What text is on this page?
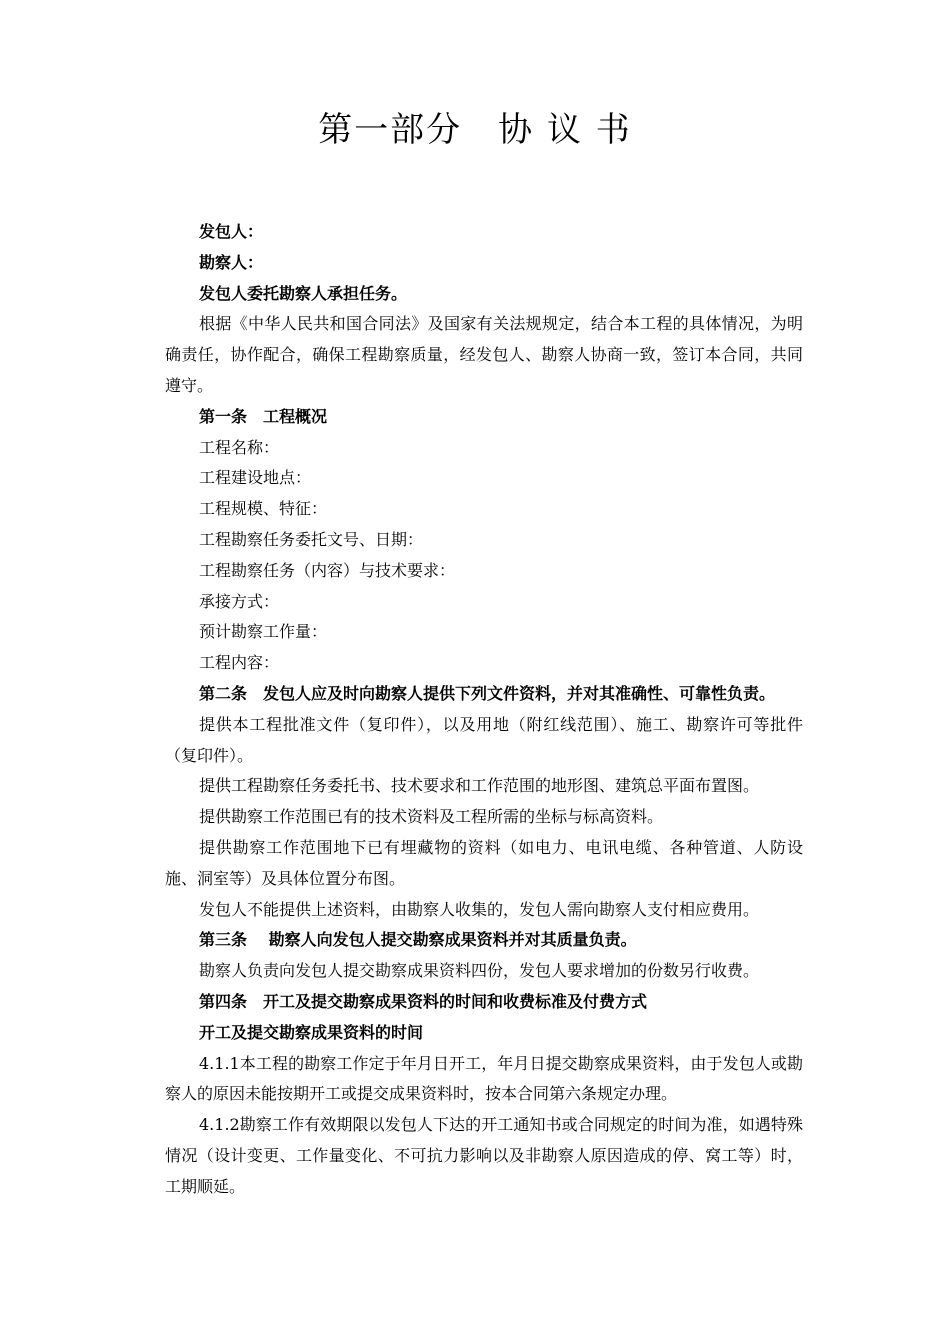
第一部分　协 议 书

发包人：

勘察人：

发包人委托勘察人承担任务。

根据《中华人民共和国合同法》及国家有关法规规定，结合本工程的具体情况，为明确责任，协作配合，确保工程勘察质量，经发包人、勘察人协商一致，签订本合同，共同遵守。

第一条　工程概况

工程名称：

工程建设地点：

工程规模、特征：

工程勘察任务委托文号、日期：

工程勘察任务（内容）与技术要求：

承接方式：

预计勘察工作量：

工程内容：

第二条　发包人应及时向勘察人提供下列文件资料，并对其准确性、可靠性负责。

提供本工程批准文件（复印件），以及用地（附红线范围）、施工、勘察许可等批件（复印件）。

提供工程勘察任务委托书、技术要求和工作范围的地形图、建筑总平面布置图。

提供勘察工作范围已有的技术资料及工程所需的坐标与标高资料。

提供勘察工作范围地下已有埋藏物的资料（如电力、电讯电缆、各种管道、人防设施、洞室等）及具体位置分布图。

发包人不能提供上述资料，由勘察人收集的，发包人需向勘察人支付相应费用。

第三条　 勘察人向发包人提交勘察成果资料并对其质量负责。

勘察人负责向发包人提交勘察成果资料四份，发包人要求增加的份数另行收费。

第四条　开工及提交勘察成果资料的时间和收费标准及付费方式

开工及提交勘察成果资料的时间

4.1.1本工程的勘察工作定于年月日开工，年月日提交勘察成果资料，由于发包人或勘察人的原因未能按期开工或提交成果资料时，按本合同第六条规定办理。

4.1.2勘察工作有效期限以发包人下达的开工通知书或合同规定的时间为准，如遇特殊情况（设计变更、工作量变化、不可抗力影响以及非勘察人原因造成的停、窝工等）时，工期顺延。
